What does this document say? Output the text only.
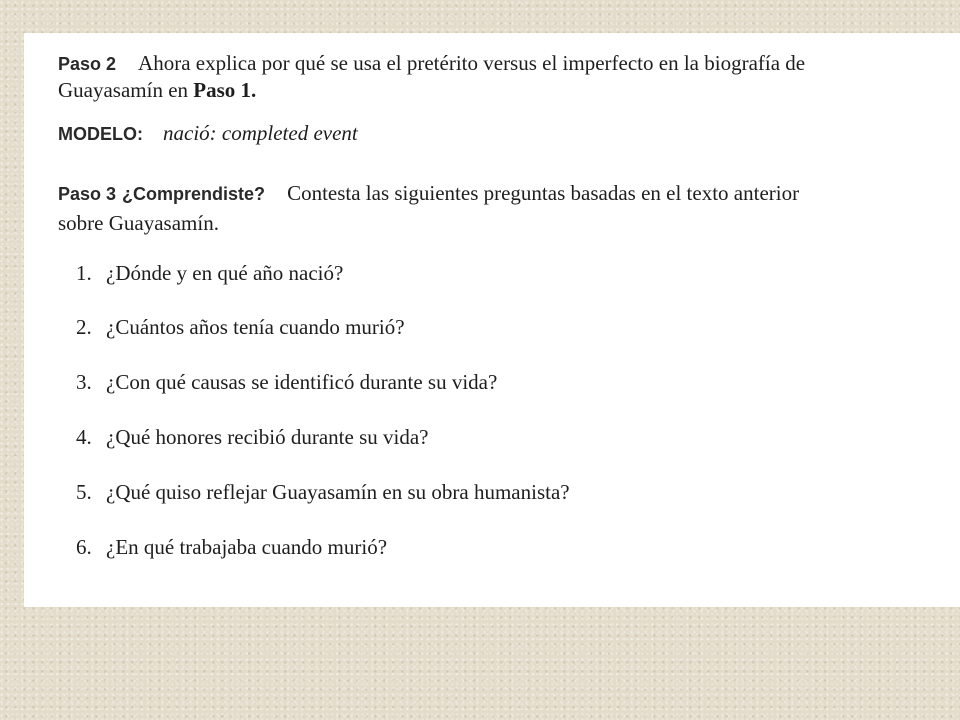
Paso 2 Ahora explica por qué se usa el pretérito versus el imperfecto en la biografía de

Guayasamín en Paso 1.

MODELO: nació: completed event

Paso 3 ¿Comprendiste? Contesta las siguientes preguntas basadas en el texto anterior

sobre Guayasamín.

1. ¿Dónde y en qué año nació?

2. ¿Cuántos años tenía cuando murió?

3. ¿Con qué causas se identificó durante su vida?

4. ¿Qué honores recibió durante su vida?

5. ¿Qué quiso reflejar Guayasamín en su obra humanista?

6. ¿En qué trabajaba cuando murió?
